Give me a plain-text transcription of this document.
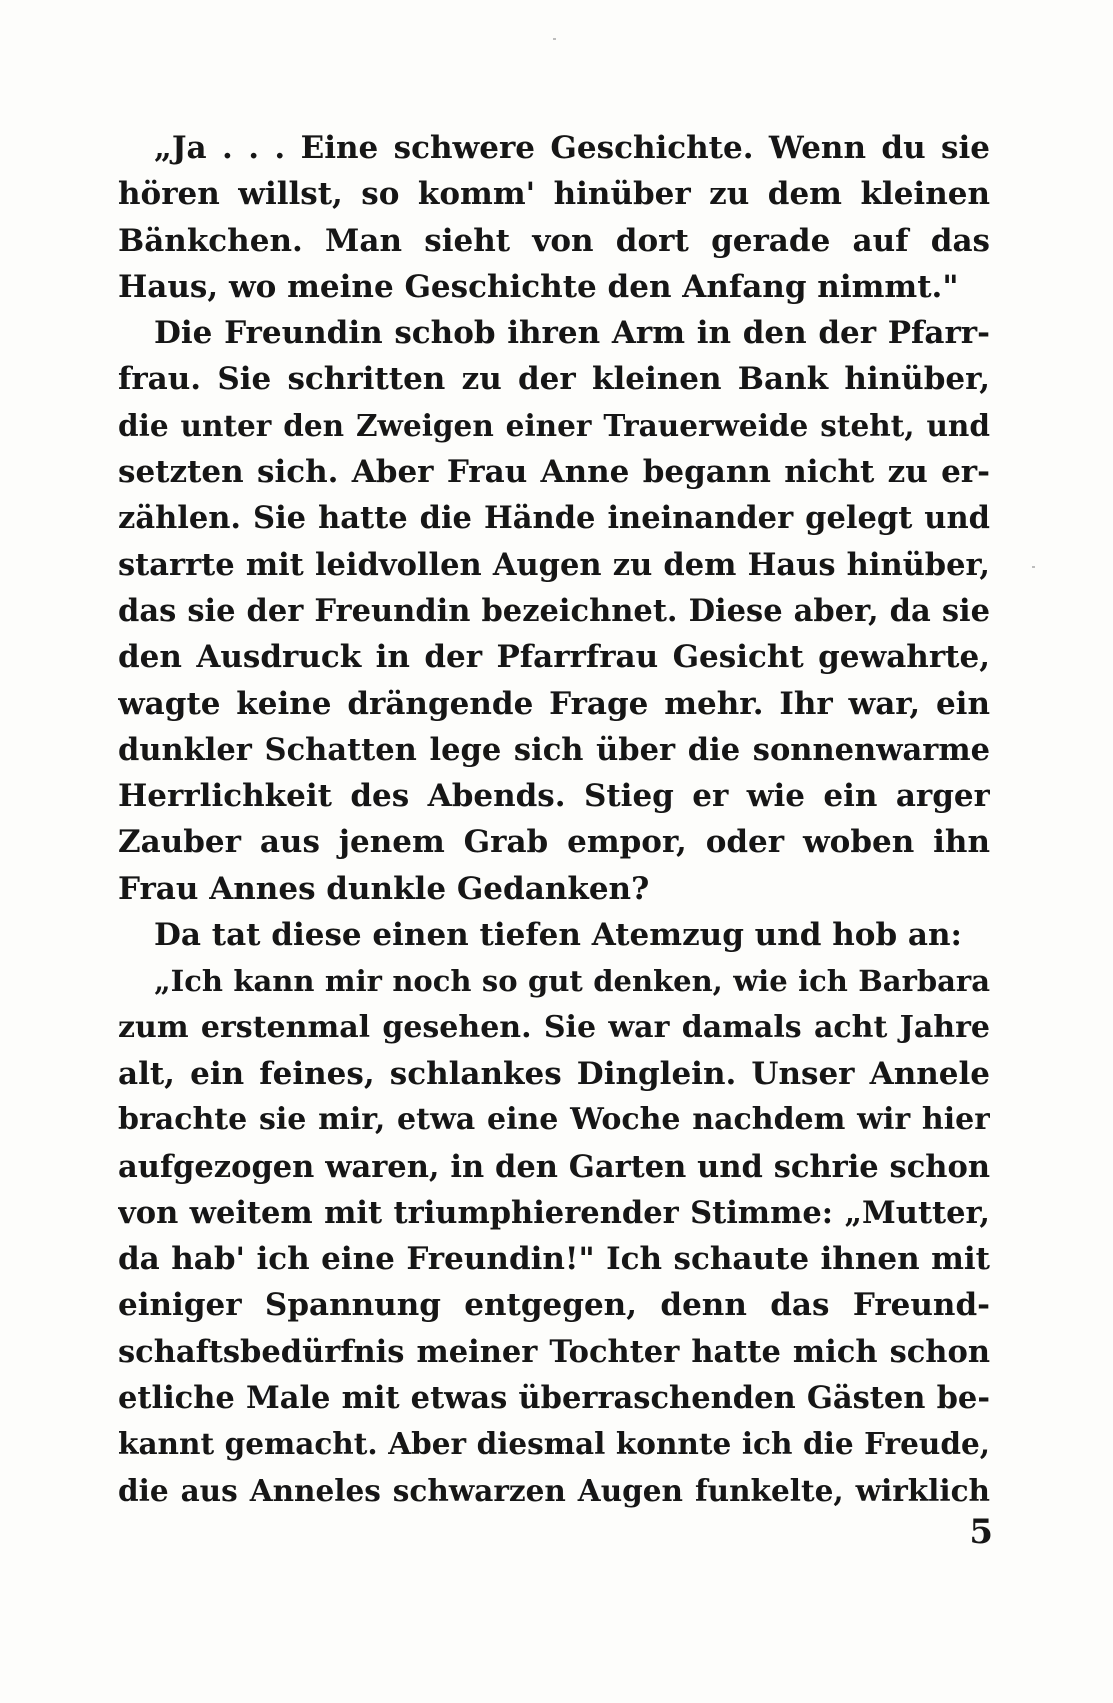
„Ja . . . Eine schwere Geschichte. Wenn du sie
hören willst, so komm' hinüber zu dem kleinen
Bänkchen. Man sieht von dort gerade auf das
Haus, wo meine Geschichte den Anfang nimmt."
Die Freundin schob ihren Arm in den der Pfarr-
frau. Sie schritten zu der kleinen Bank hinüber,
die unter den Zweigen einer Trauerweide steht, und
setzten sich. Aber Frau Anne begann nicht zu er-
zählen. Sie hatte die Hände ineinander gelegt und
starrte mit leidvollen Augen zu dem Haus hinüber,
das sie der Freundin bezeichnet. Diese aber, da sie
den Ausdruck in der Pfarrfrau Gesicht gewahrte,
wagte keine drängende Frage mehr. Ihr war, ein
dunkler Schatten lege sich über die sonnenwarme
Herrlichkeit des Abends. Stieg er wie ein arger
Zauber aus jenem Grab empor, oder woben ihn
Frau Annes dunkle Gedanken?
Da tat diese einen tiefen Atemzug und hob an:
„Ich kann mir noch so gut denken, wie ich Barbara
zum erstenmal gesehen. Sie war damals acht Jahre
alt, ein feines, schlankes Dinglein. Unser Annele
brachte sie mir, etwa eine Woche nachdem wir hier
aufgezogen waren, in den Garten und schrie schon
von weitem mit triumphierender Stimme: „Mutter,
da hab' ich eine Freundin!" Ich schaute ihnen mit
einiger Spannung entgegen, denn das Freund-
schaftsbedürfnis meiner Tochter hatte mich schon
etliche Male mit etwas überraschenden Gästen be-
kannt gemacht. Aber diesmal konnte ich die Freude,
die aus Anneles schwarzen Augen funkelte, wirklich
5
